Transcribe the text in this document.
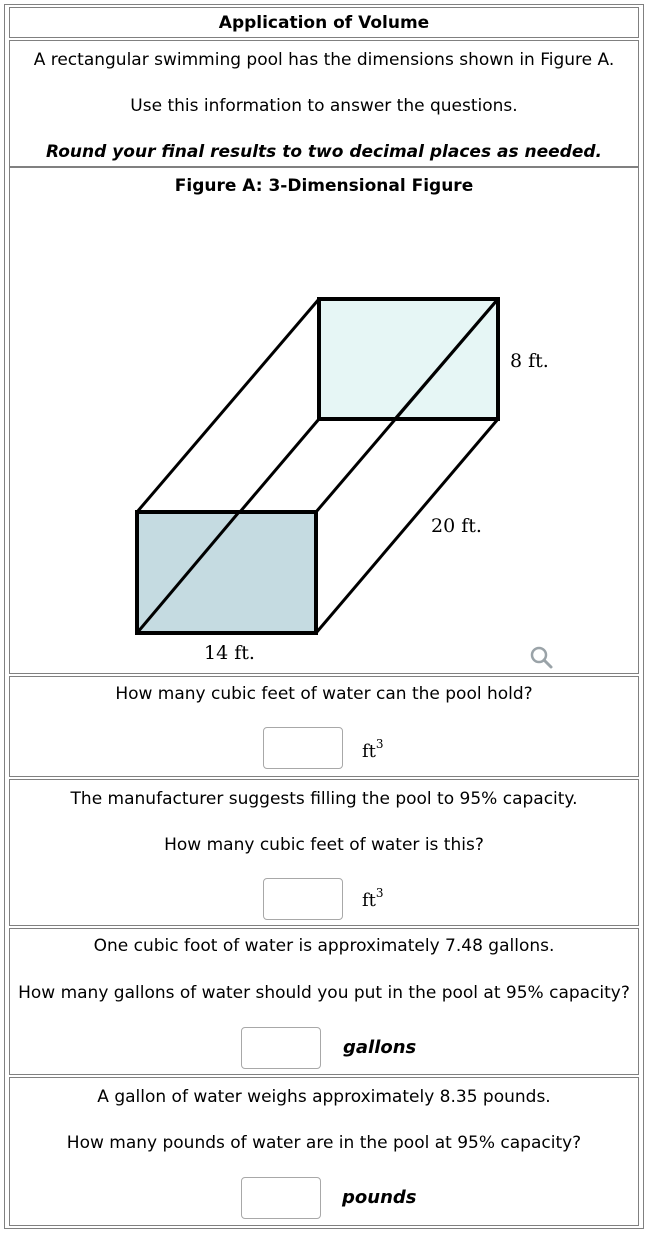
Application of Volume
A rectangular swimming pool has the dimensions shown in Figure A.
Use this information to answer the questions.
Round your final results to two decimal places as needed.
Figure A: 3-Dimensional Figure
8 ft.
20 ft.
14 ft.
How many cubic feet of water can the pool hold?
$ft^3$
The manufacturer suggests filling the pool to 95% capacity.
How many cubic feet of water is this?
$ft^3$
One cubic foot of water is approximately 7.48 gallons.
How many gallons of water should you put in the pool at 95% capacity?
gallons
A gallon of water weighs approximately 8.35 pounds.
How many pounds of water are in the pool at 95% capacity?
pounds
